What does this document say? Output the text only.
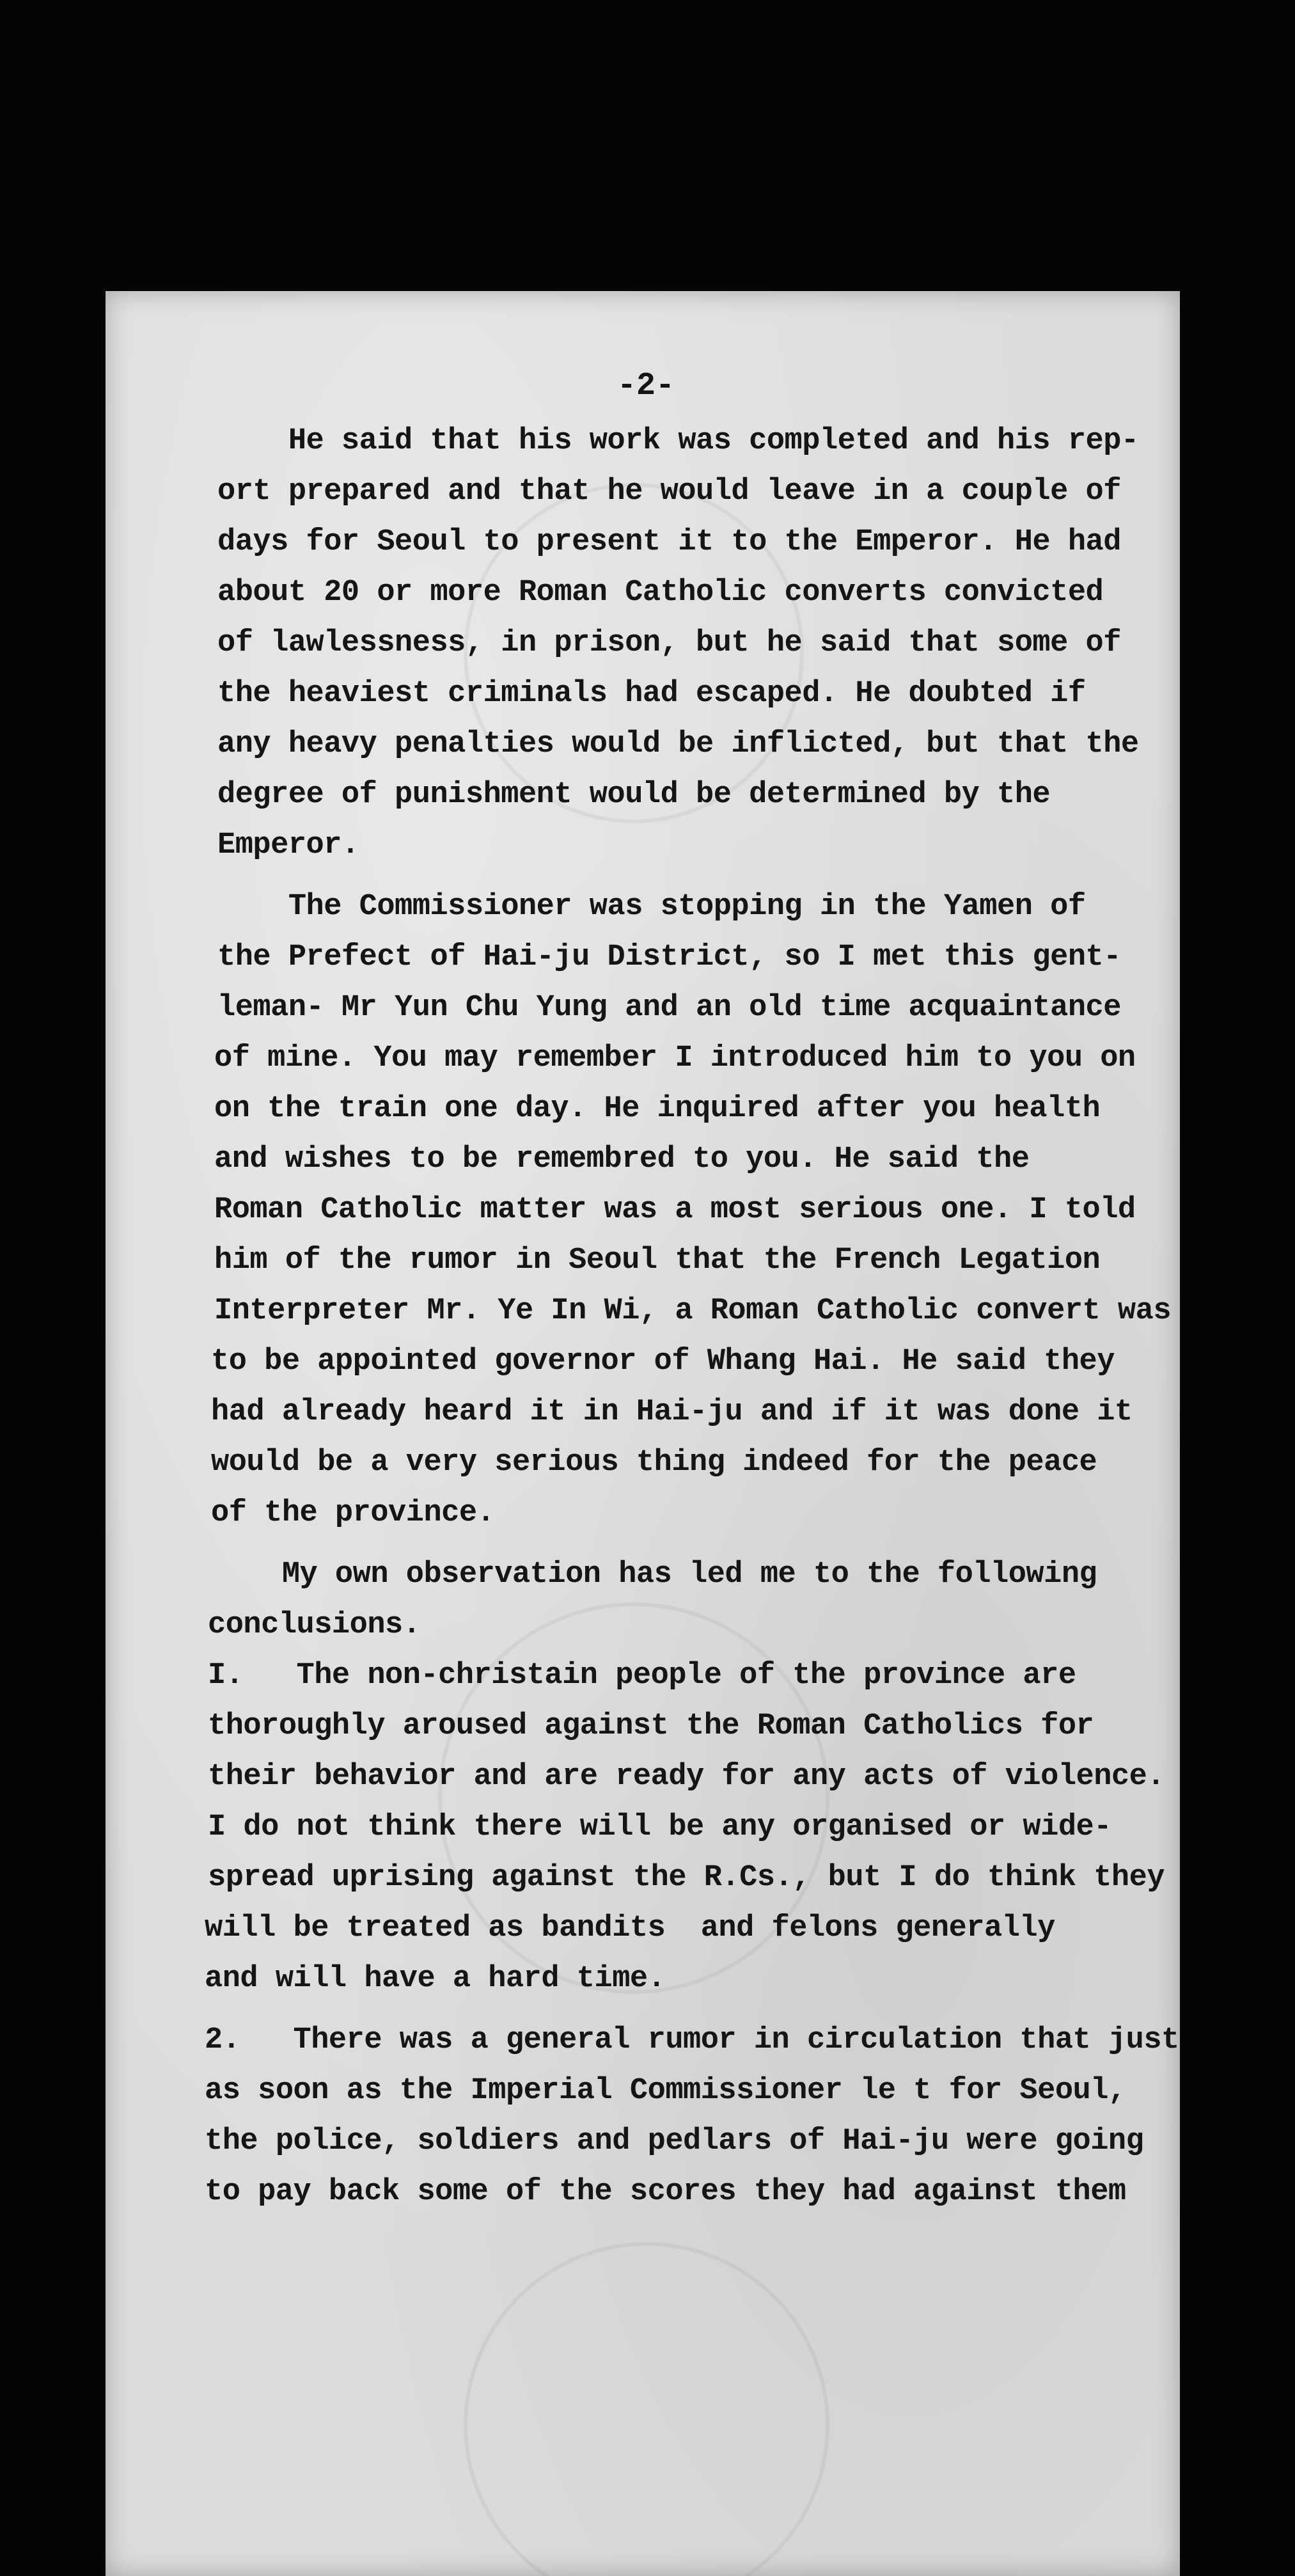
-2-

He said that his work was completed and his rep-

ort prepared and that he would leave in a couple of

days for Seoul to present it to the Emperor. He had

about 20 or more Roman Catholic converts convicted

of lawlessness, in prison, but he said that some of

the heaviest criminals had escaped. He doubted if

any heavy penalties would be inflicted, but that the

degree of punishment would be determined by the

Emperor.

The Commissioner was stopping in the Yamen of

the Prefect of Hai-ju District, so I met this gent-

leman- Mr Yun Chu Yung and an old time acquaintance

of mine. You may remember I introduced him to you on

on the train one day. He inquired after you health

and wishes to be remembred to you. He said the

Roman Catholic matter was a most serious one. I told

him of the rumor in Seoul that the French Legation

Interpreter Mr. Ye In Wi, a Roman Catholic convert was

to be appointed governor of Whang Hai. He said they

had already heard it in Hai-ju and if it was done it

would be a very serious thing indeed for the peace

of the province.

My own observation has led me to the following

conclusions.

I.   The non-christain people of the province are

thoroughly aroused against the Roman Catholics for

their behavior and are ready for any acts of violence.

I do not think there will be any organised or wide-

spread uprising against the R.Cs., but I do think they

will be treated as bandits  and felons generally

and will have a hard time.

2.   There was a general rumor in circulation that just

as soon as the Imperial Commissioner le t for Seoul,

the police, soldiers and pedlars of Hai-ju were going

to pay back some of the scores they had against them
